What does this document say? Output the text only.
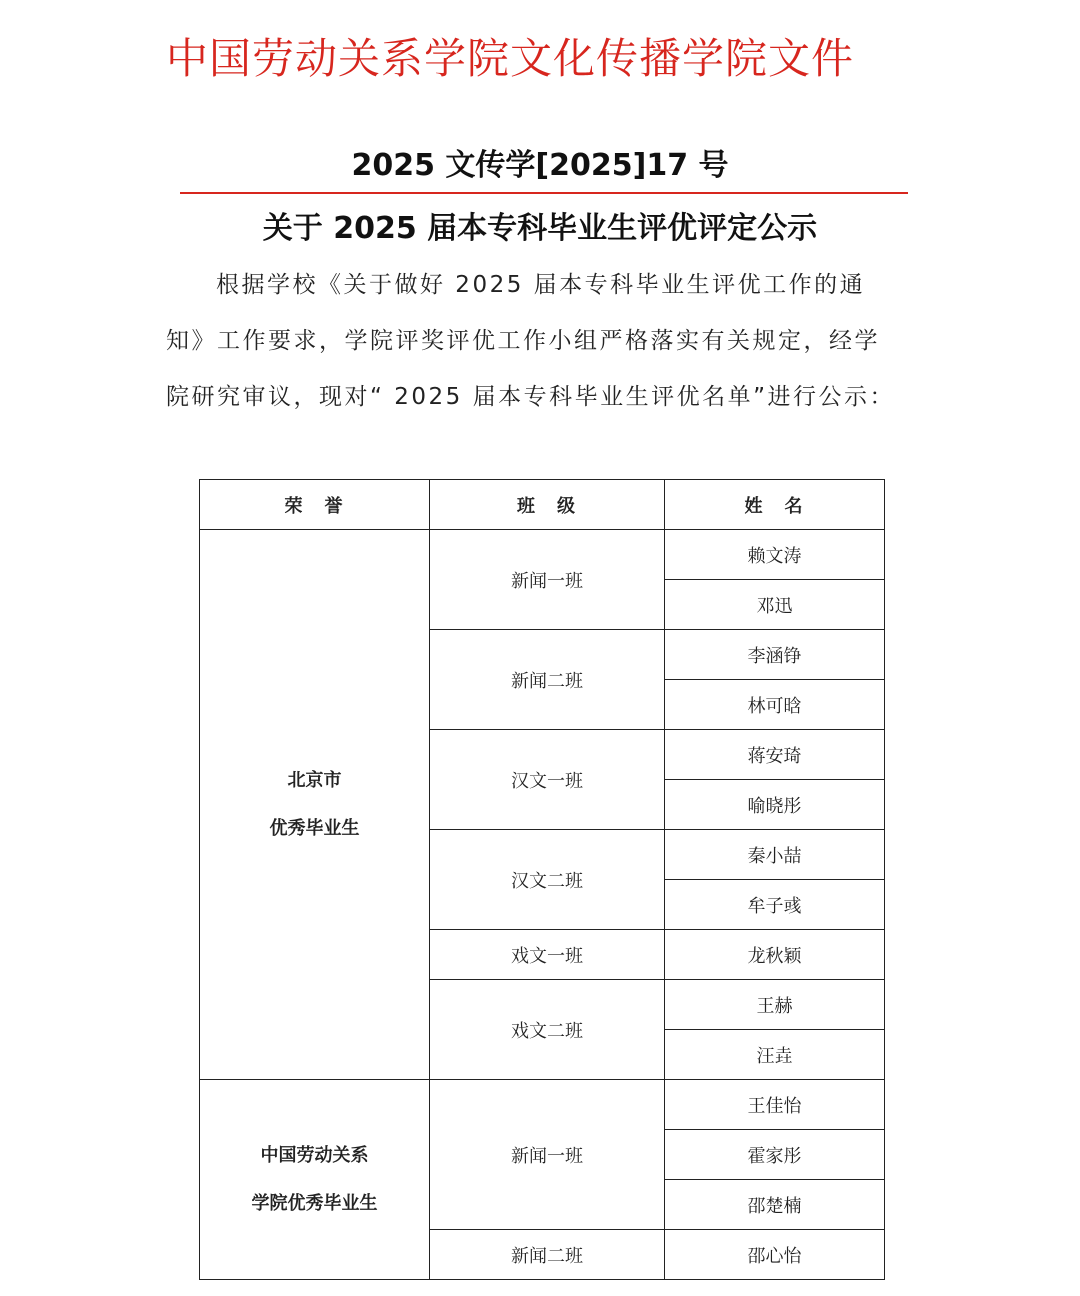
中国劳动关系学院文化传播学院文件
2025 文传学[2025]17 号
关于 2025 届本专科毕业生评优评定公示
根据学校《关于做好 2025 届本专科毕业生评优工作的通
知》工作要求，学院评奖评优工作小组严格落实有关规定，经学
院研究审议，现对“ 2025 届本专科毕业生评优名单”进行公示：
荣　誉	班　级	姓　名

北京市
优秀毕业生	新闻一班	赖文涛
		邓迅
	新闻二班	李涵铮
		林可晗
	汉文一班	蒋安琦
		喻晓彤
	汉文二班	秦小喆
		牟子彧
	戏文一班	龙秋颖
	戏文二班	王赫
		汪垚

中国劳动关系
学院优秀毕业生	新闻一班	王佳怡
		霍家彤
		邵楚楠
	新闻二班	邵心怡
